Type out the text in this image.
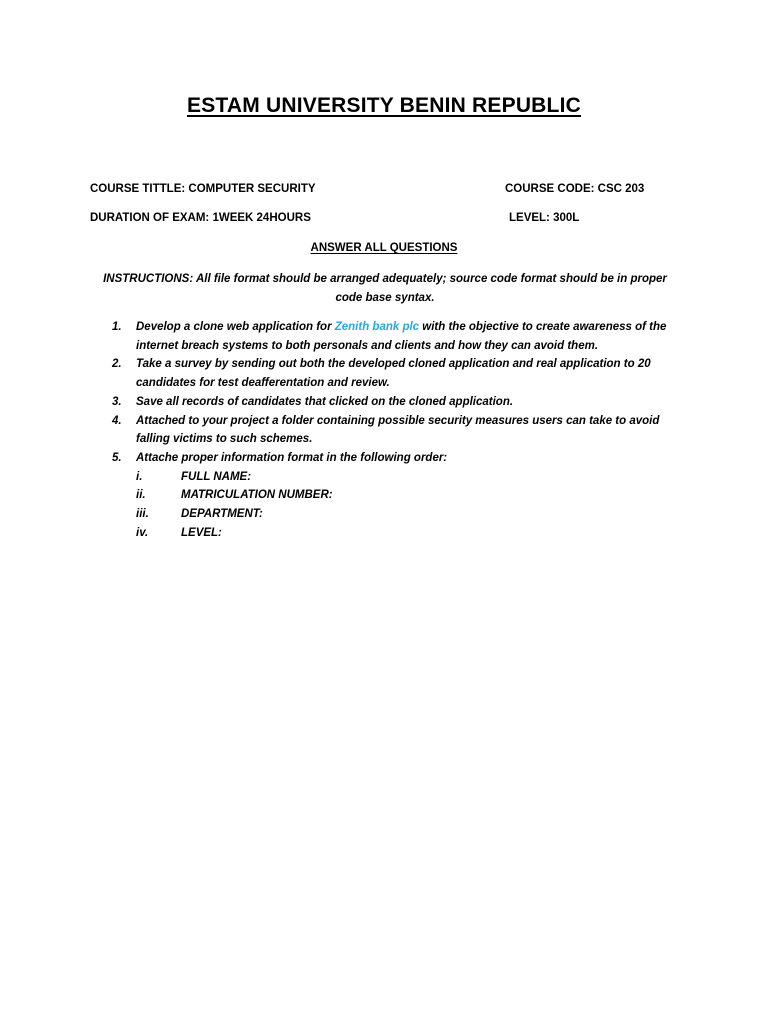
ESTAM UNIVERSITY BENIN REPUBLIC
COURSE TITTLE: COMPUTER SECURITY	COURSE CODE: CSC 203
DURATION OF EXAM: 1WEEK 24HOURS	LEVEL: 300L
ANSWER ALL QUESTIONS
INSTRUCTIONS: All file format should be arranged adequately; source code format should be in proper code base syntax.
1. Develop a clone web application for Zenith bank plc with the objective to create awareness of the internet breach systems to both personals and clients and how they can avoid them.
2. Take a survey by sending out both the developed cloned application and real application to 20 candidates for test deafferentation and review.
3. Save all records of candidates that clicked on the cloned application.
4. Attached to your project a folder containing possible security measures users can take to avoid falling victims to such schemes.
5. Attache proper information format in the following order:
i.	FULL NAME:
ii.	MATRICULATION NUMBER:
iii.	DEPARTMENT:
iv.	LEVEL:
